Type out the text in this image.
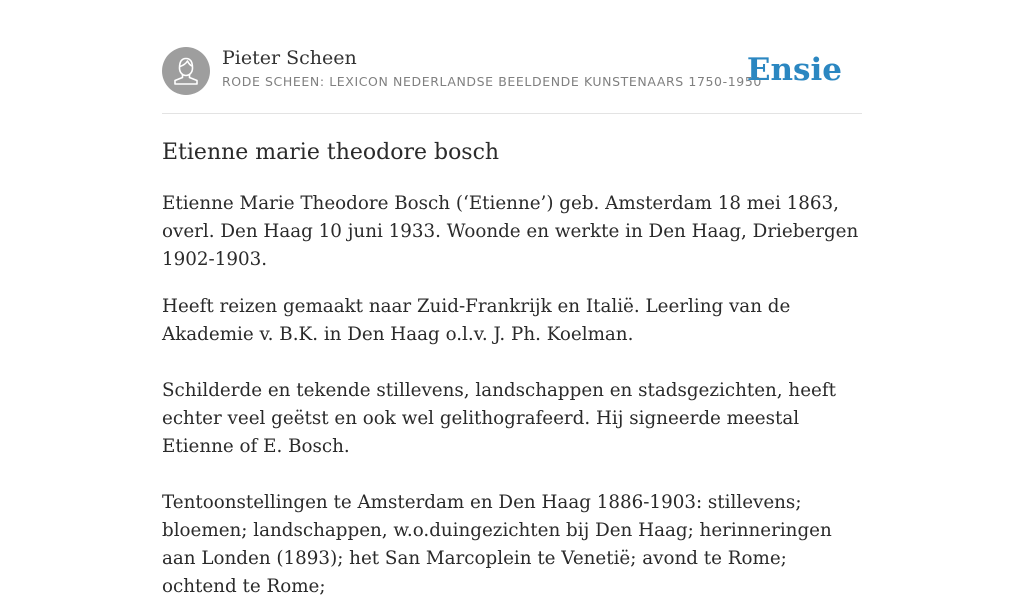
Pieter Scheen
RODE SCHEEN: LEXICON NEDERLANDSE BEELDENDE KUNSTENAARS 1750-1950
Ensie
Etienne marie theodore bosch

Etienne Marie Theodore Bosch (‘Etienne’) geb. Amsterdam 18 mei 1863, overl. Den Haag 10 juni 1933. Woonde en werkte in Den Haag, Driebergen 1902-1903.

Heeft reizen gemaakt naar Zuid-Frankrijk en Italië. Leerling van de Akademie v. B.K. in Den Haag o.l.v. J. Ph. Koelman.

Schilderde en tekende stillevens, landschappen en stadsgezichten, heeft echter veel geëtst en ook wel gelithografeerd. Hij signeerde meestal Etienne of E. Bosch.

Tentoonstellingen te Amsterdam en Den Haag 1886-1903: stillevens; bloemen; landschappen, w.o.duingezichten bij Den Haag; herinneringen aan Londen (1893); het San Marcoplein te Venetië; avond te Rome; ochtend te Rome;
